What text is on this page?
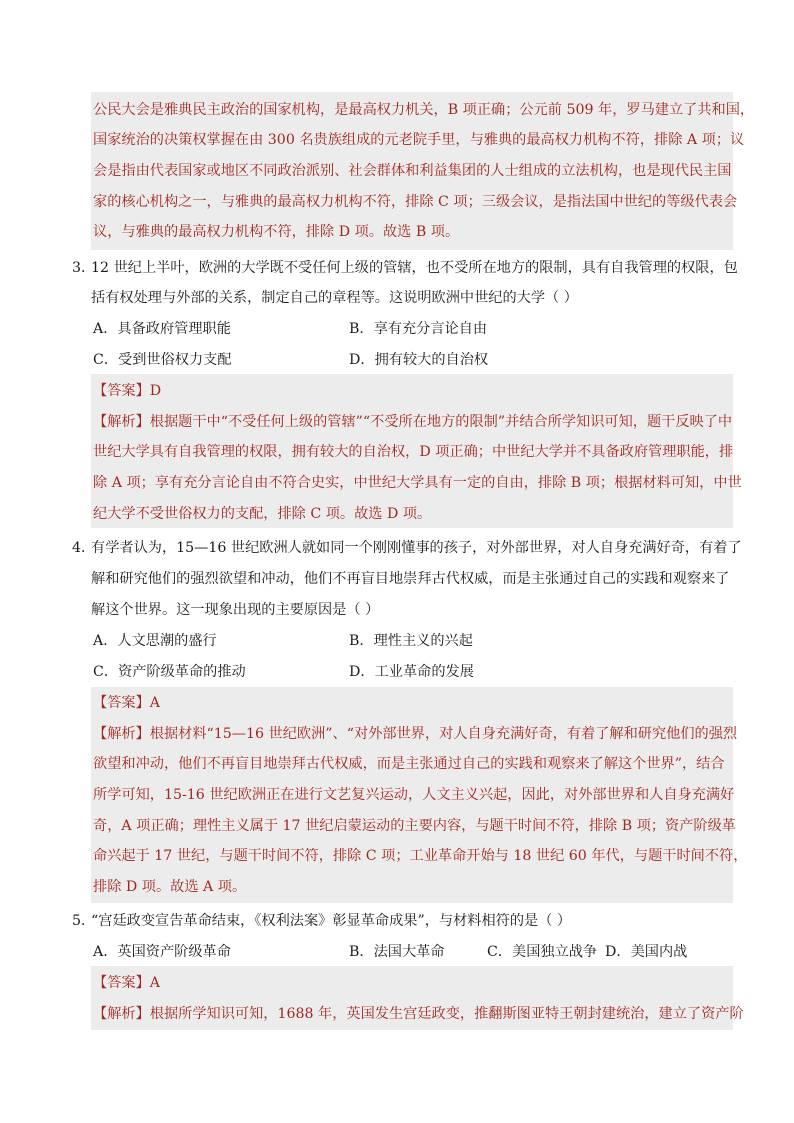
公民大会是雅典民主政治的国家机构，是最高权力机关，B 项正确；公元前 509 年，罗马建立了共和国，
国家统治的决策权掌握在由 300 名贵族组成的元老院手里，与雅典的最高权力机构不符，排除 A 项；议
会是指由代表国家或地区不同政治派别、社会群体和利益集团的人士组成的立法机构，也是现代民主国
家的核心机构之一，与雅典的最高权力机构不符，排除 C 项；三级会议，是指法国中世纪的等级代表会
议，与雅典的最高权力机构不符，排除 D 项。故选 B 项。
3．
12 世纪上半叶，欧洲的大学既不受任何上级的管辖，也不受所在地方的限制，具有自我管理的权限，包
括有权处理与外部的关系，制定自己的章程等。这说明欧洲中世纪的大学（ ）
A．具备政府管理职能	B．享有充分言论自由
C．受到世俗权力支配	D．拥有较大的自治权
【答案】D
【解析】根据题干中“不受任何上级的管辖”“不受所在地方的限制”并结合所学知识可知，题干反映了中
世纪大学具有自我管理的权限，拥有较大的自治权，D 项正确；中世纪大学并不具备政府管理职能，排
除 A 项；享有充分言论自由不符合史实，中世纪大学具有一定的自由，排除 B 项；根据材料可知，中世
纪大学不受世俗权力的支配，排除 C 项。故选 D 项。
4．
有学者认为，15—16 世纪欧洲人就如同一个刚刚懂事的孩子，对外部世界，对人自身充满好奇，有着了
解和研究他们的强烈欲望和冲动，他们不再盲目地崇拜古代权威，而是主张通过自己的实践和观察来了
解这个世界。这一现象出现的主要原因是（ ）
A．人文思潮的盛行	B．理性主义的兴起
C．资产阶级革命的推动	D．工业革命的发展
【答案】A
【解析】根据材料“15—16 世纪欧洲”、“对外部世界，对人自身充满好奇，有着了解和研究他们的强烈
欲望和冲动，他们不再盲目地崇拜古代权威，而是主张通过自己的实践和观察来了解这个世界”，结合
所学可知，15-16 世纪欧洲正在进行文艺复兴运动，人文主义兴起，因此，对外部世界和人自身充满好
奇，A 项正确；理性主义属于 17 世纪启蒙运动的主要内容，与题干时间不符，排除 B 项；资产阶级革
命兴起于 17 世纪，与题干时间不符，排除 C 项；工业革命开始与 18 世纪 60 年代，与题干时间不符，
排除 D 项。故选 A 项。
5．
“宫廷政变宣告革命结束，《权利法案》彰显革命成果”，与材料相符的是（ ）
A．英国资产阶级革命	B．法国大革命	C．美国独立战争 D．美国内战
【答案】A
【解析】根据所学知识可知，1688 年，英国发生宫廷政变，推翻斯图亚特王朝封建统治，建立了资产阶
